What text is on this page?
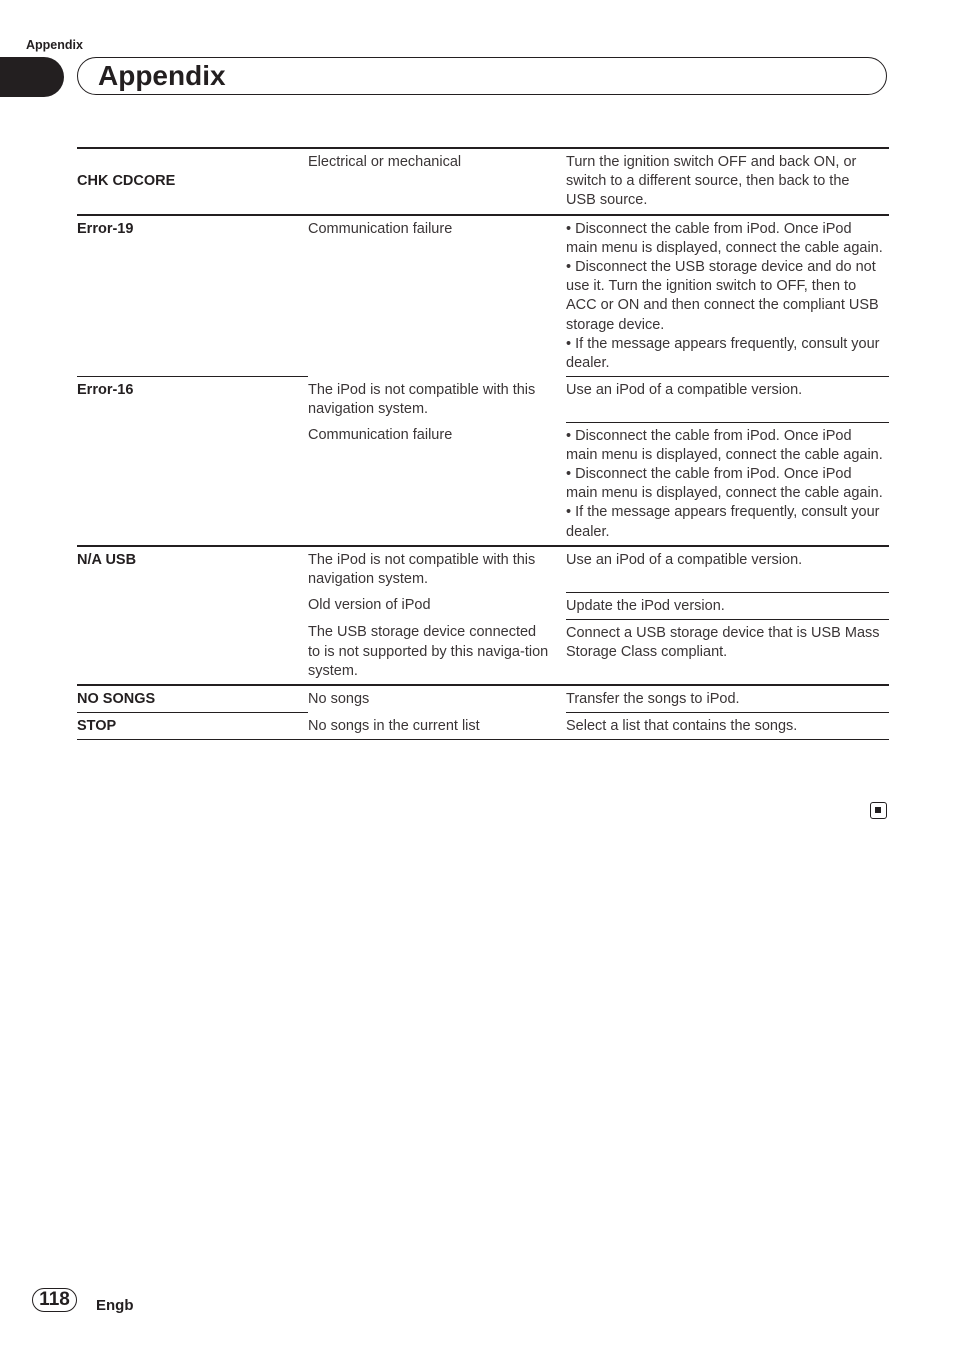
Appendix
Appendix
CHK CDCORE	Electrical or mechanical	Turn the ignition switch OFF and back ON, or switch to a different source, then back to the USB source.
Error-19	Communication failure	• Disconnect the cable from iPod. Once iPod main menu is displayed, connect the cable again.
• Disconnect the USB storage device and do not use it. Turn the ignition switch to OFF, then to ACC or ON and then connect the compliant USB storage device.
• If the message appears frequently, consult your dealer.
Error-16	The iPod is not compatible with this navigation system.	Use an iPod of a compatible version.
	Communication failure	• Disconnect the cable from iPod. Once iPod main menu is displayed, connect the cable again.
• Disconnect the cable from iPod. Once iPod main menu is displayed, connect the cable again.
• If the message appears frequently, consult your dealer.
N/A USB	The iPod is not compatible with this navigation system.	Use an iPod of a compatible version.
	Old version of iPod	Update the iPod version.
	The USB storage device connected to is not supported by this naviga-tion system.	Connect a USB storage device that is USB Mass Storage Class compliant.
NO SONGS	No songs	Transfer the songs to iPod.
STOP	No songs in the current list	Select a list that contains the songs.
118	Engb
